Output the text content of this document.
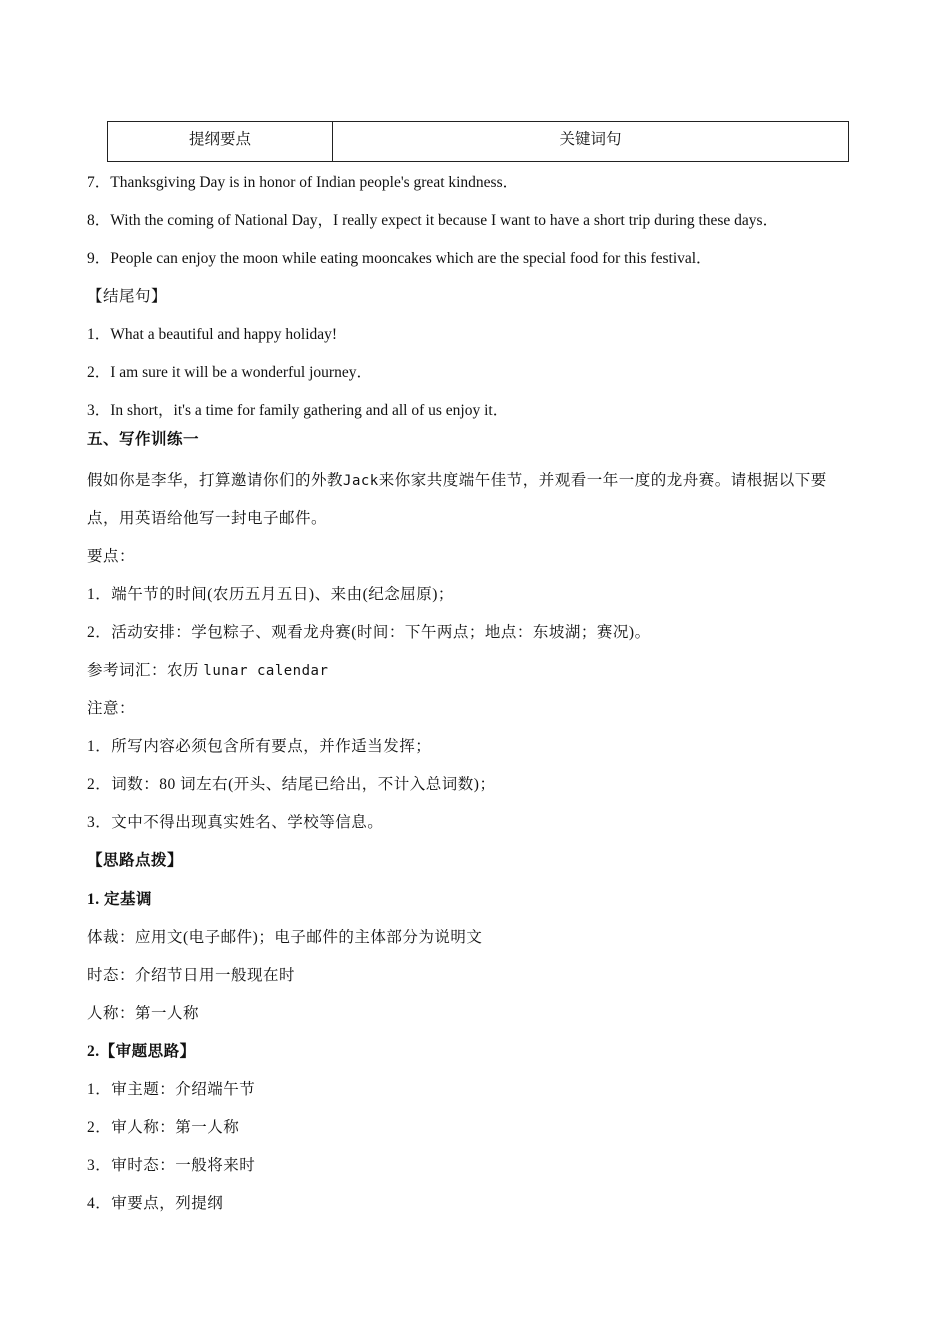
提纲要点	关键词句
7．Thanksgiving Day is in honor of Indian people's great kindness．
8．With the coming of National Day，I really expect it because I want to have a short trip during these days．
9．People can enjoy the moon while eating mooncakes which are the special food for this festival．
【结尾句】
1．What a beautiful and happy holiday!
2．I am sure it will be a wonderful journey．
3．In short，it's a time for family gathering and all of us enjoy it．
五、写作训练一
假如你是李华，打算邀请你们的外教Jack来你家共度端午佳节，并观看一年一度的龙舟赛。请根据以下要
点，用英语给他写一封电子邮件。
要点：
1．端午节的时间(农历五月五日)、来由(纪念屈原)；
2．活动安排：学包粽子、观看龙舟赛(时间：下午两点；地点：东坡湖；赛况)。
参考词汇：农历 lunar calendar
注意：
1．所写内容必须包含所有要点，并作适当发挥；
2．词数：80 词左右(开头、结尾已给出，不计入总词数)；
3．文中不得出现真实姓名、学校等信息。
【思路点拨】
1. 定基调
体裁：应用文(电子邮件)；电子邮件的主体部分为说明文
时态：介绍节日用一般现在时
人称：第一人称
2.【审题思路】
1．审主题：介绍端午节
2．审人称：第一人称
3．审时态：一般将来时
4．审要点，列提纲
